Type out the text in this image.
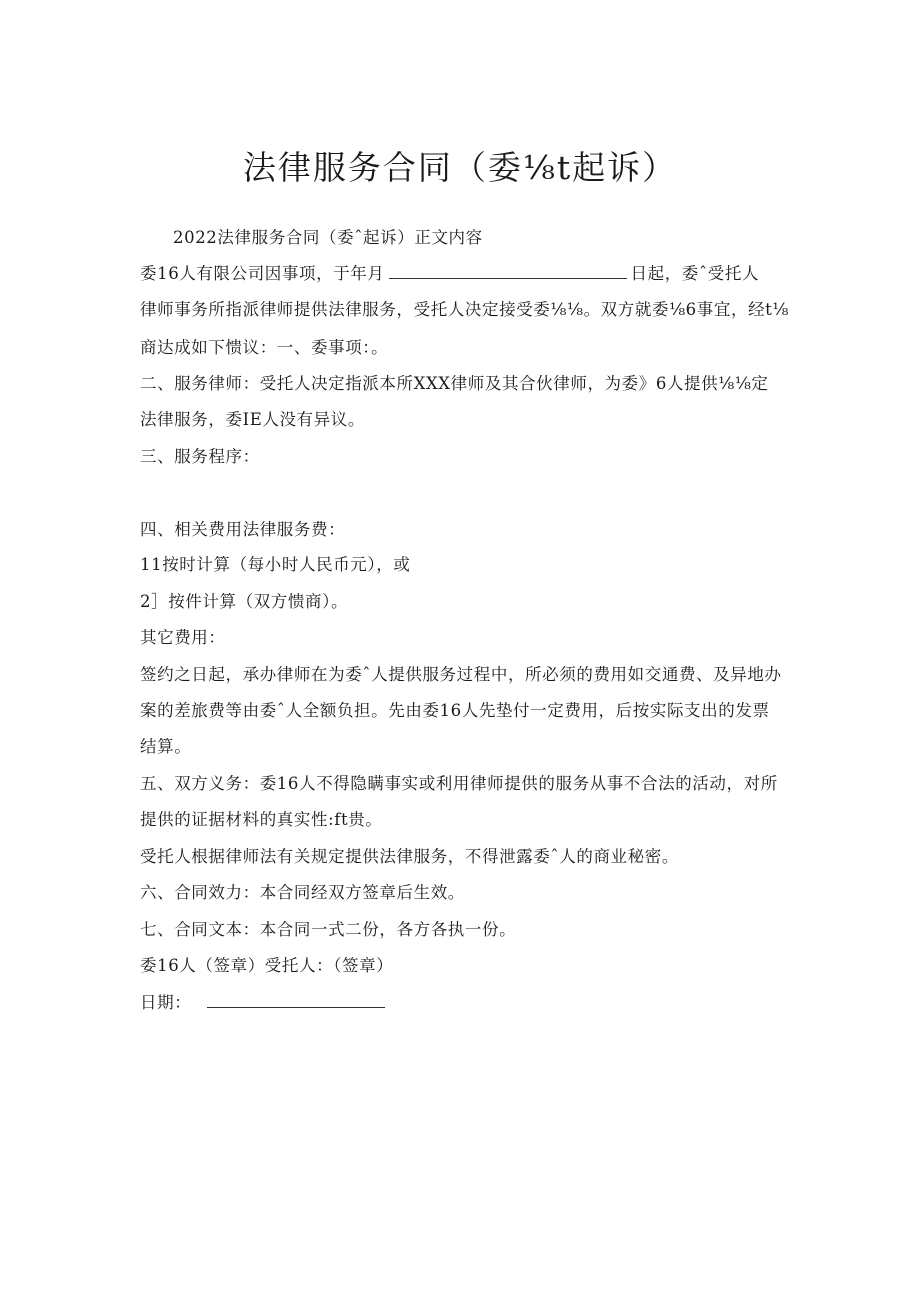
法律服务合同（委⅛t起诉）
2022法律服务合同（委ˆ起诉）正文内容
委16人有限公司因事项，于年月	日起，委ˆ受托人
律师事务所指派律师提供法律服务，受托人决定接受委⅛⅛。双方就委⅛6事宜，经t⅛
商达成如下愦议：一、委事项：。
二、服务律师：受托人决定指派本所XXX律师及其合伙律师，为委》6人提供⅛⅛定
法律服务，委IE人没有异议。
三、服务程序：
四、相关费用法律服务费：
11按时计算（每小时人民币元），或
2］按件计算（双方愦商）。
其它费用：
签约之日起，承办律师在为委ˆ人提供服务过程中，所必须的费用如交通费、及异地办
案的差旅费等由委ˆ人全额负担。先由委16人先垫付一定费用，后按实际支出的发票
结算。
五、双方义务：委16人不得隐瞒事实或利用律师提供的服务从事不合法的活动，对所
提供的证据材料的真实性:ft贵。
受托人根据律师法有关规定提供法律服务，不得泄露委ˆ人的商业秘密。
六、合同效力：本合同经双方签章后生效。
七、合同文本：本合同一式二份，各方各执一份。
委16人（签章）受托人：（签章）
日期：
